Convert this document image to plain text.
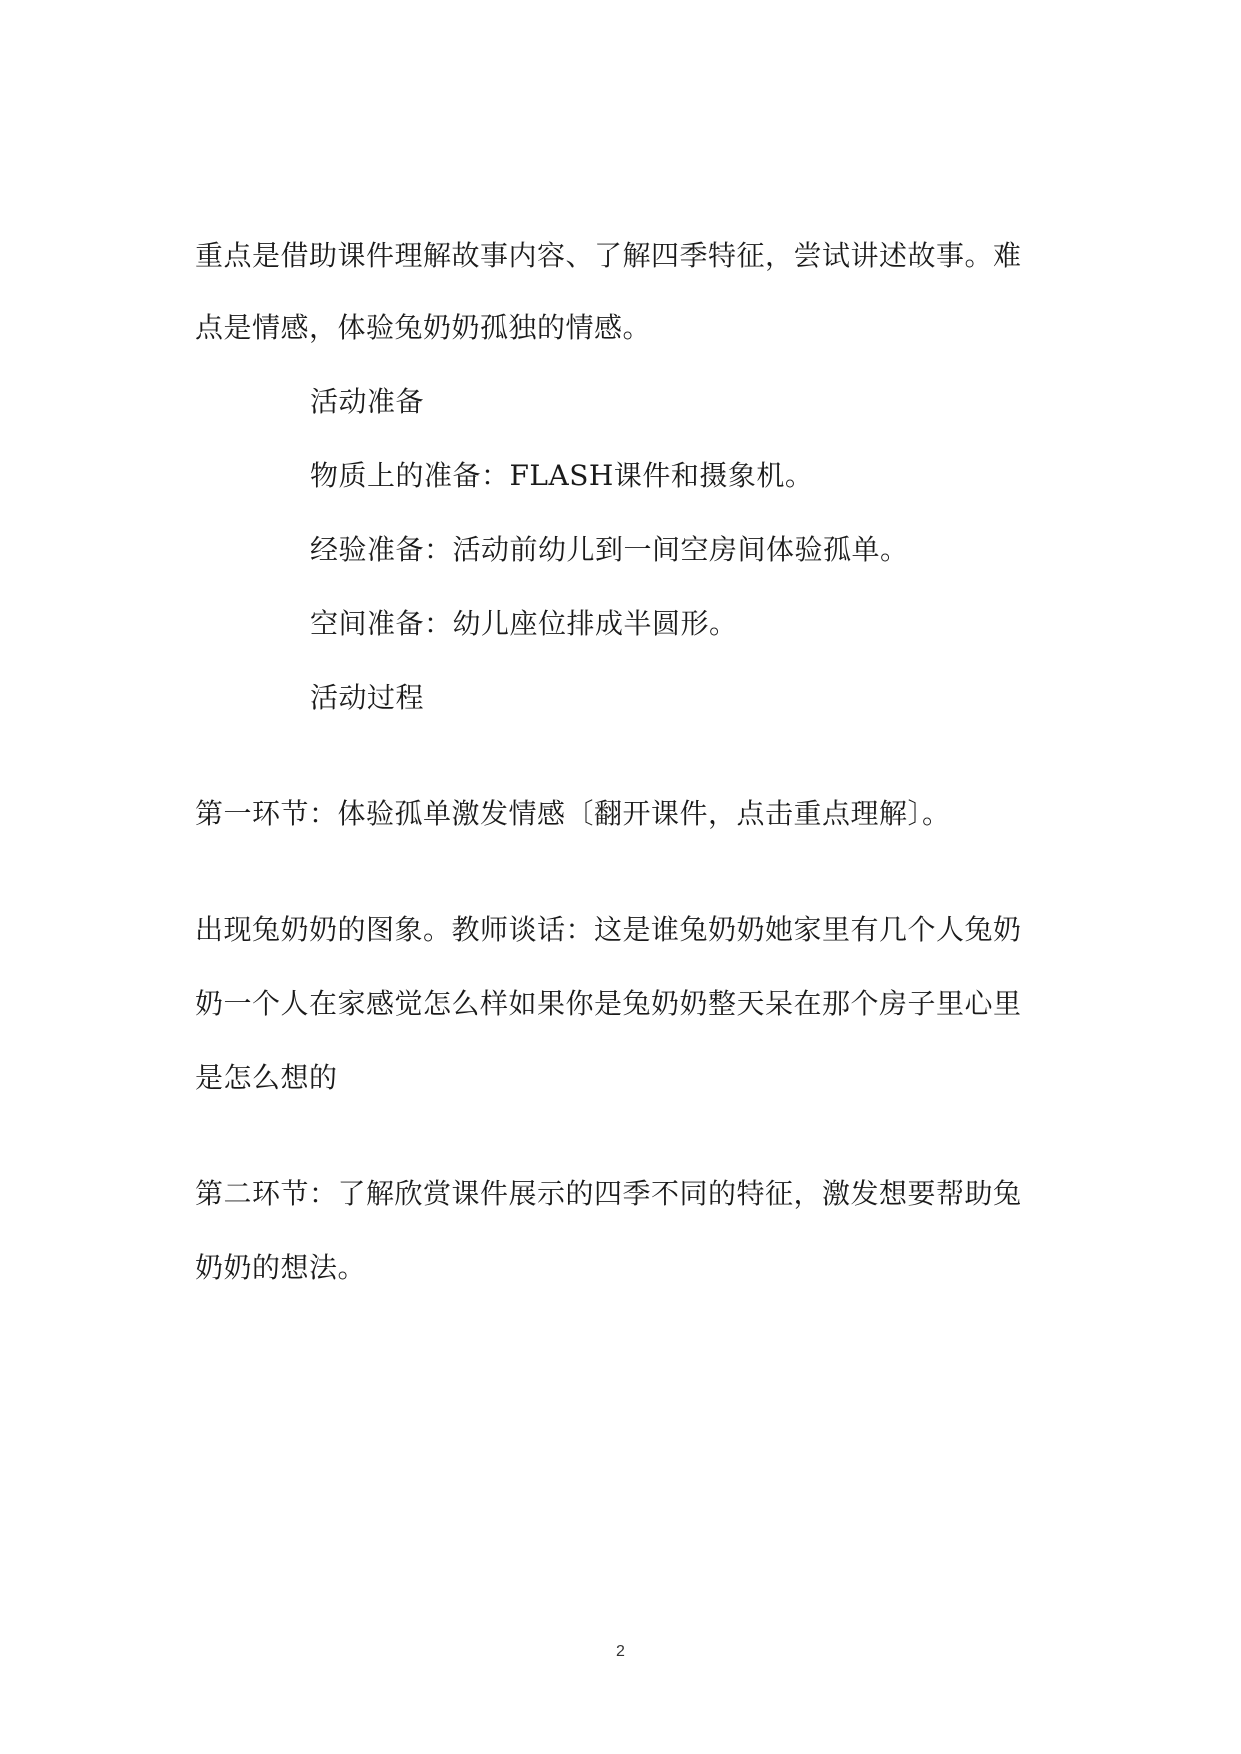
重点是借助课件理解故事内容、了解四季特征，尝试讲述故事。难
点是情感，体验兔奶奶孤独的情感。
活动准备
物质上的准备：FLASH课件和摄象机。
经验准备：活动前幼儿到一间空房间体验孤单。
空间准备：幼儿座位排成半圆形。
活动过程
第一环节：体验孤单激发情感〔翻开课件，点击重点理解〕。
出现兔奶奶的图象。教师谈话：这是谁兔奶奶她家里有几个人兔奶
奶一个人在家感觉怎么样如果你是兔奶奶整天呆在那个房子里心里
是怎么想的
第二环节：了解欣赏课件展示的四季不同的特征，激发想要帮助兔
奶奶的想法。
2
